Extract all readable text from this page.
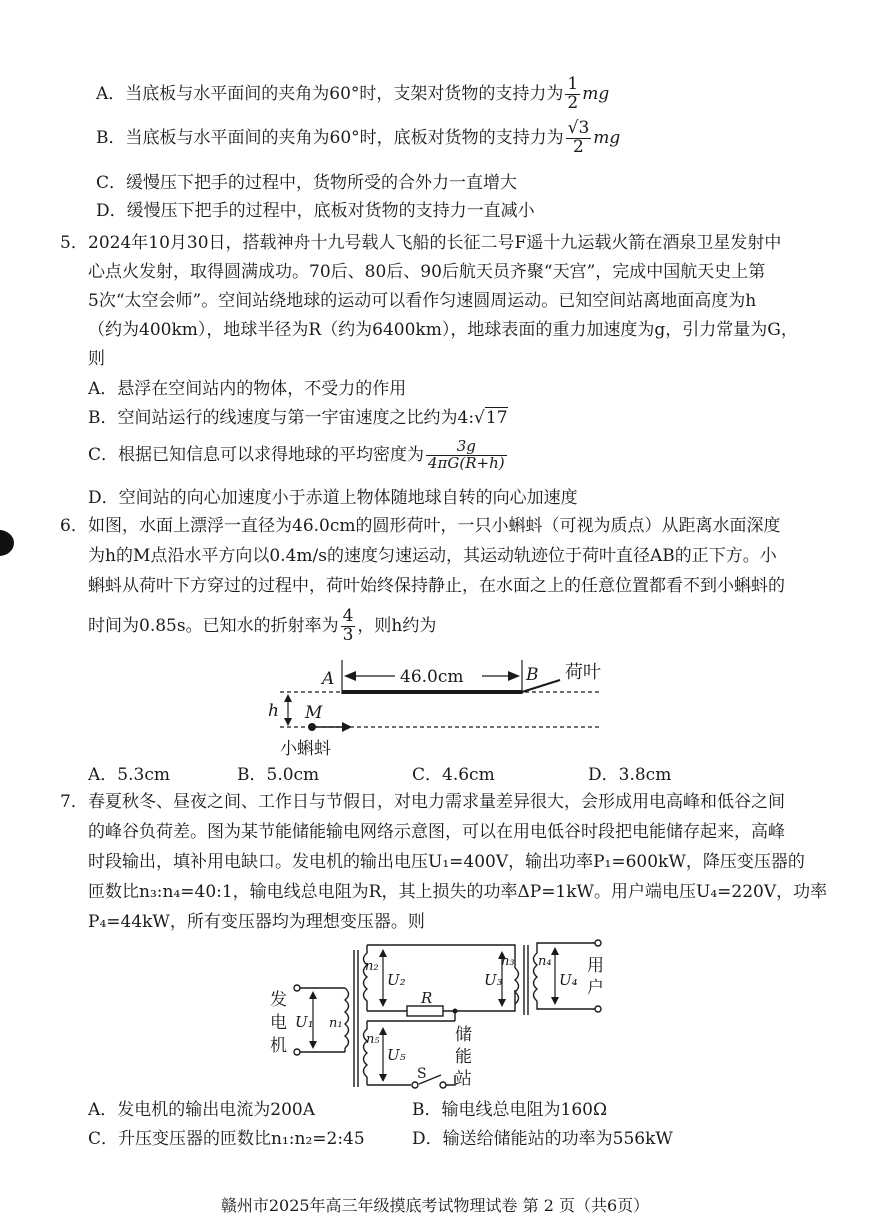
A．当底板与水平面间的夹角为60°时，支架对货物的支持力为 $\frac{1}{2}$ mg
B．当底板与水平面间的夹角为60°时，底板对货物的支持力为 $\frac{√3}{2}$ mg
C．缓慢压下把手的过程中，货物所受的合外力一直增大
D．缓慢压下把手的过程中，底板对货物的支持力一直减小
5． 2024年10月30日，搭载神舟十九号载人飞船的长征二号F遥十九运载火箭在酒泉卫星发射中
心点火发射，取得圆满成功。70后、80后、90后航天员齐聚“天宫”，完成中国航天史上第
5次“太空会师”。空间站绕地球的运动可以看作匀速圆周运动。已知空间站离地面高度为h
（约为400km），地球半径为R（约为6400km），地球表面的重力加速度为g，引力常量为G，
则
A．悬浮在空间站内的物体，不受力的作用
B．空间站运行的线速度与第一宇宙速度之比约为4:√17
C．根据已知信息可以求得地球的平均密度为 $\frac{3g}{4\pi G(R+h)}$
D．空间站的向心加速度小于赤道上物体随地球自转的向心加速度
6． 如图，水面上漂浮一直径为46.0cm的圆形荷叶，一只小蝌蚪（可视为质点）从距离水面深度
为h的M点沿水平方向以0.4m/s的速度匀速运动，其运动轨迹位于荷叶直径AB的正下方。小
蝌蚪从荷叶下方穿过的过程中，荷叶始终保持静止，在水面之上的任意位置都看不到小蝌蚪的
时间为0.85s。已知水的折射率为 $\frac{4}{3}$ ，则h约为
46.0cm
A	B 荷叶
h M
小蝌蚪
A．5.3cm	B．5.0cm	C．4.6cm	D．3.8cm
7． 春夏秋冬、昼夜之间、工作日与节假日，对电力需求量差异很大，会形成用电高峰和低谷之间
的峰谷负荷差。图为某节能储能输电网络示意图，可以在用电低谷时段把电能储存起来，高峰
时段输出，填补用电缺口。发电机的输出电压U₁=400V，输出功率P₁=600kW，降压变压器的
匝数比n₃:n₄=40:1，输电线总电阻为R，其上损失的功率ΔP=1kW。用户端电压U₄=220V，功率
P₄=44kW，所有变压器均为理想变压器。则
发
电
机
U₁ n₁
n₂
U₂
R
n₃
U₃
n₄
U₄
用
户
n₅
U₅
S
储
能
站
A．发电机的输出电流为200A	B．输电线总电阻为160Ω
C．升压变压器的匝数比n₁:n₂=2:45	D．输送给储能站的功率为556kW
赣州市2025年高三年级摸底考试物理试卷 第 2 页（共6页）
